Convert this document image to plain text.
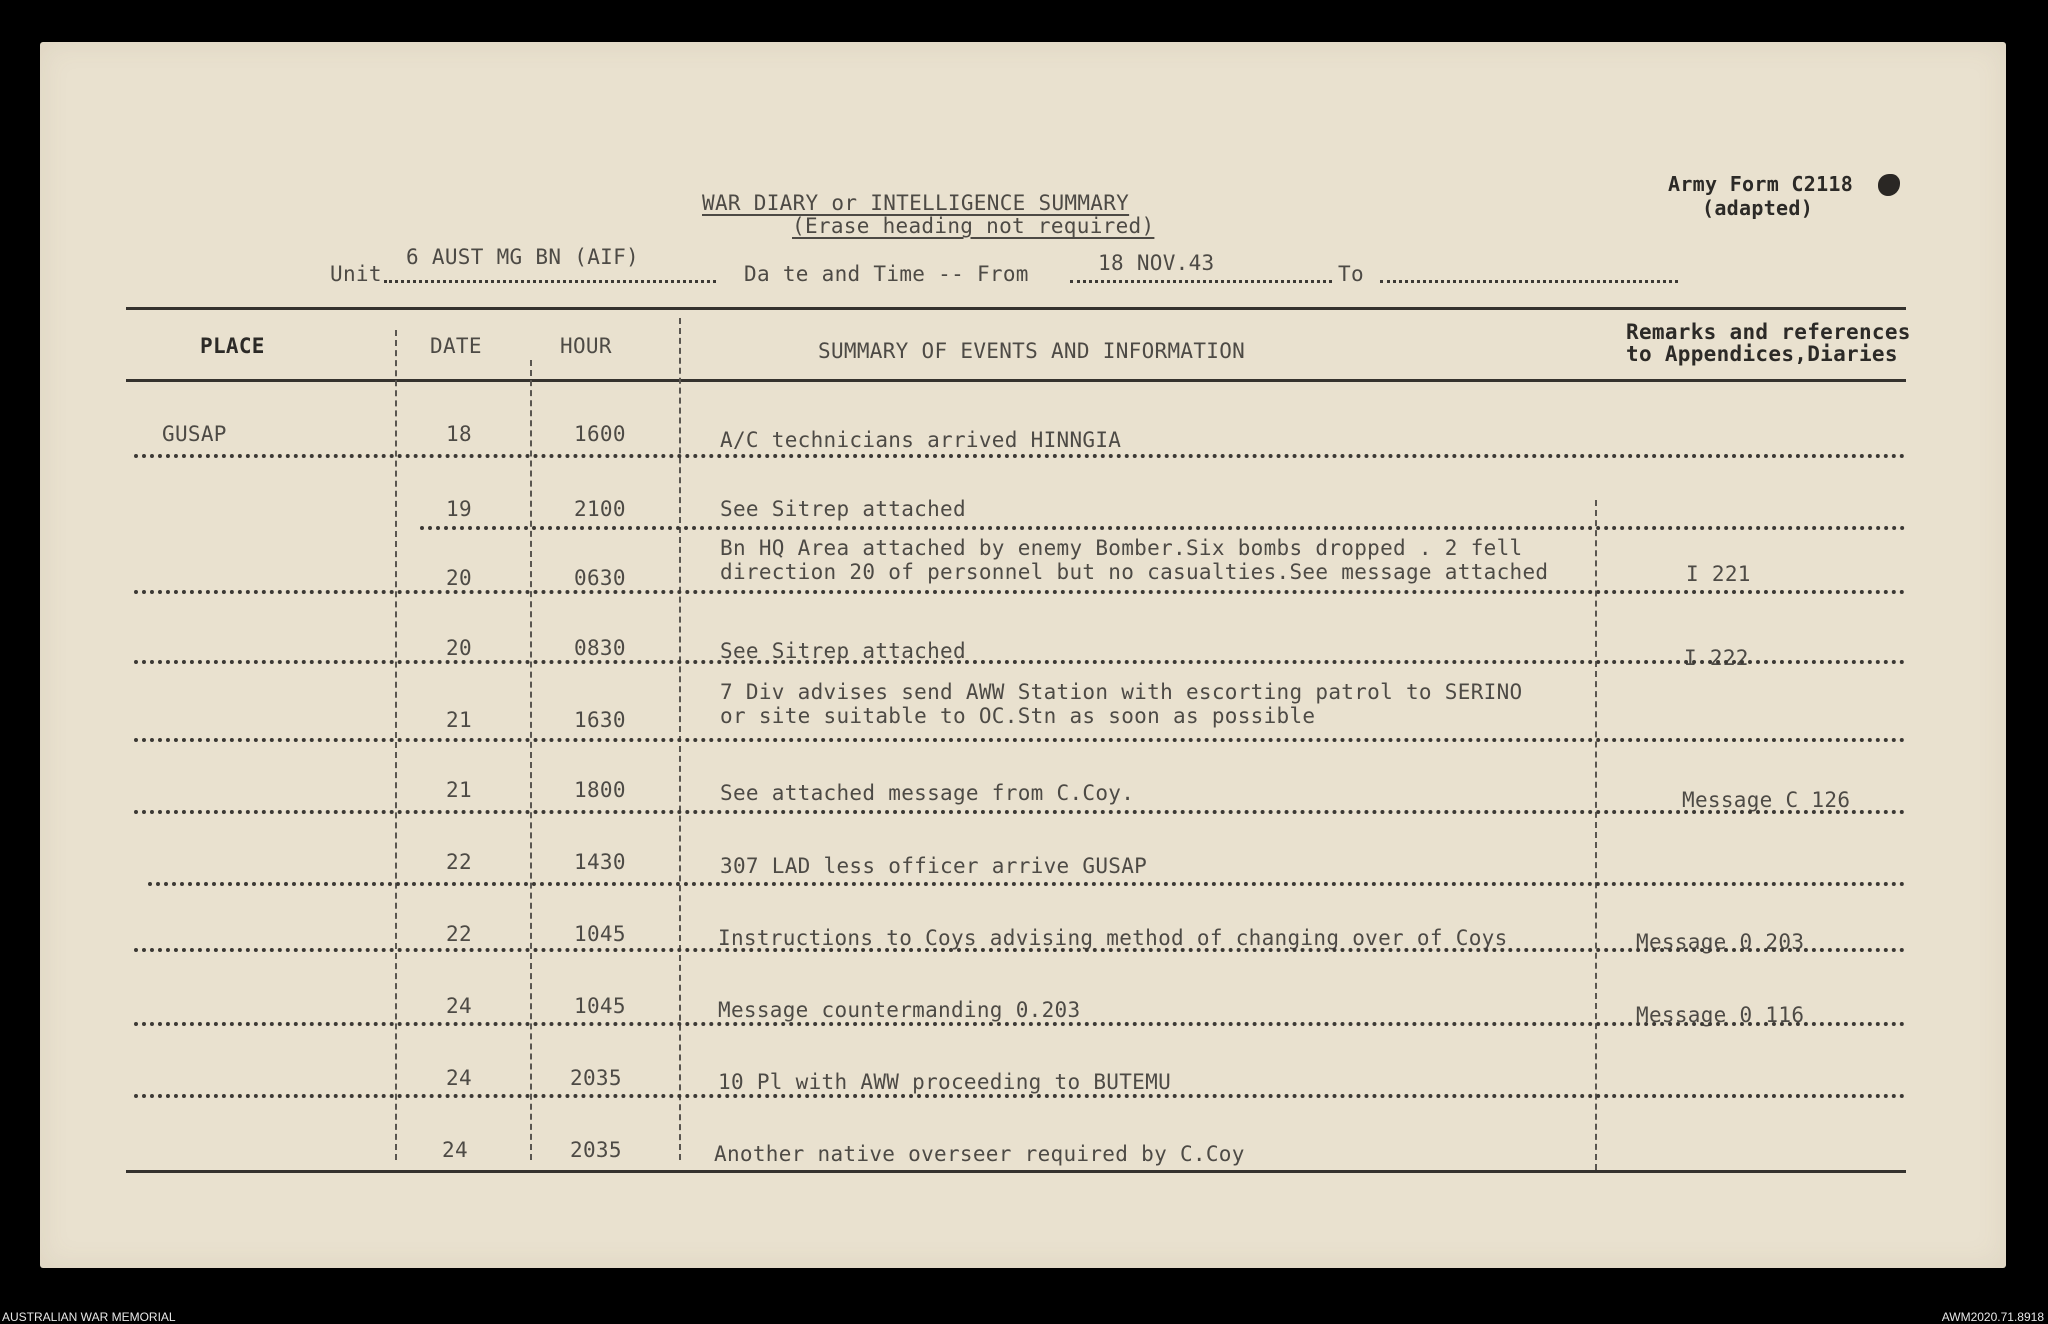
WAR DIARY or INTELLIGENCE SUMMARY
(Erase heading not required)
Army Form C2118
(adapted)
Unit
6 AUST MG BN (AIF)
Da te and Time -- From	18 NOV.43	To
PLACE	DATE	HOUR	SUMMARY OF EVENTS AND INFORMATION
Remarks and references
to Appendices,Diaries
GUSAP	18	1600	A/C technicians arrived HINNGIA
19	2100	See Sitrep attached
20	0630
Bn HQ Area attached by enemy Bomber.Six bombs dropped . 2 fell
direction 20 of personnel but no casualties.See message attached	I 221
20	0830	See Sitrep attached	I 222
21	1630
7 Div advises send AWW Station with escorting patrol to SERINO
or site suitable to OC.Stn as soon as possible
21	1800	See attached message from C.Coy.	Message C 126
22	1430	307 LAD less officer arrive GUSAP
22	1045	Instructions to Coys advising method of changing over of Coys	Message 0 203
24	1045	Message countermanding 0.203	Message 0 116
24	2035	10 Pl with AWW proceeding to BUTEMU
24	2035	Another native overseer required by C.Coy
AUSTRALIAN WAR MEMORIAL	AWM2020.71.8918
